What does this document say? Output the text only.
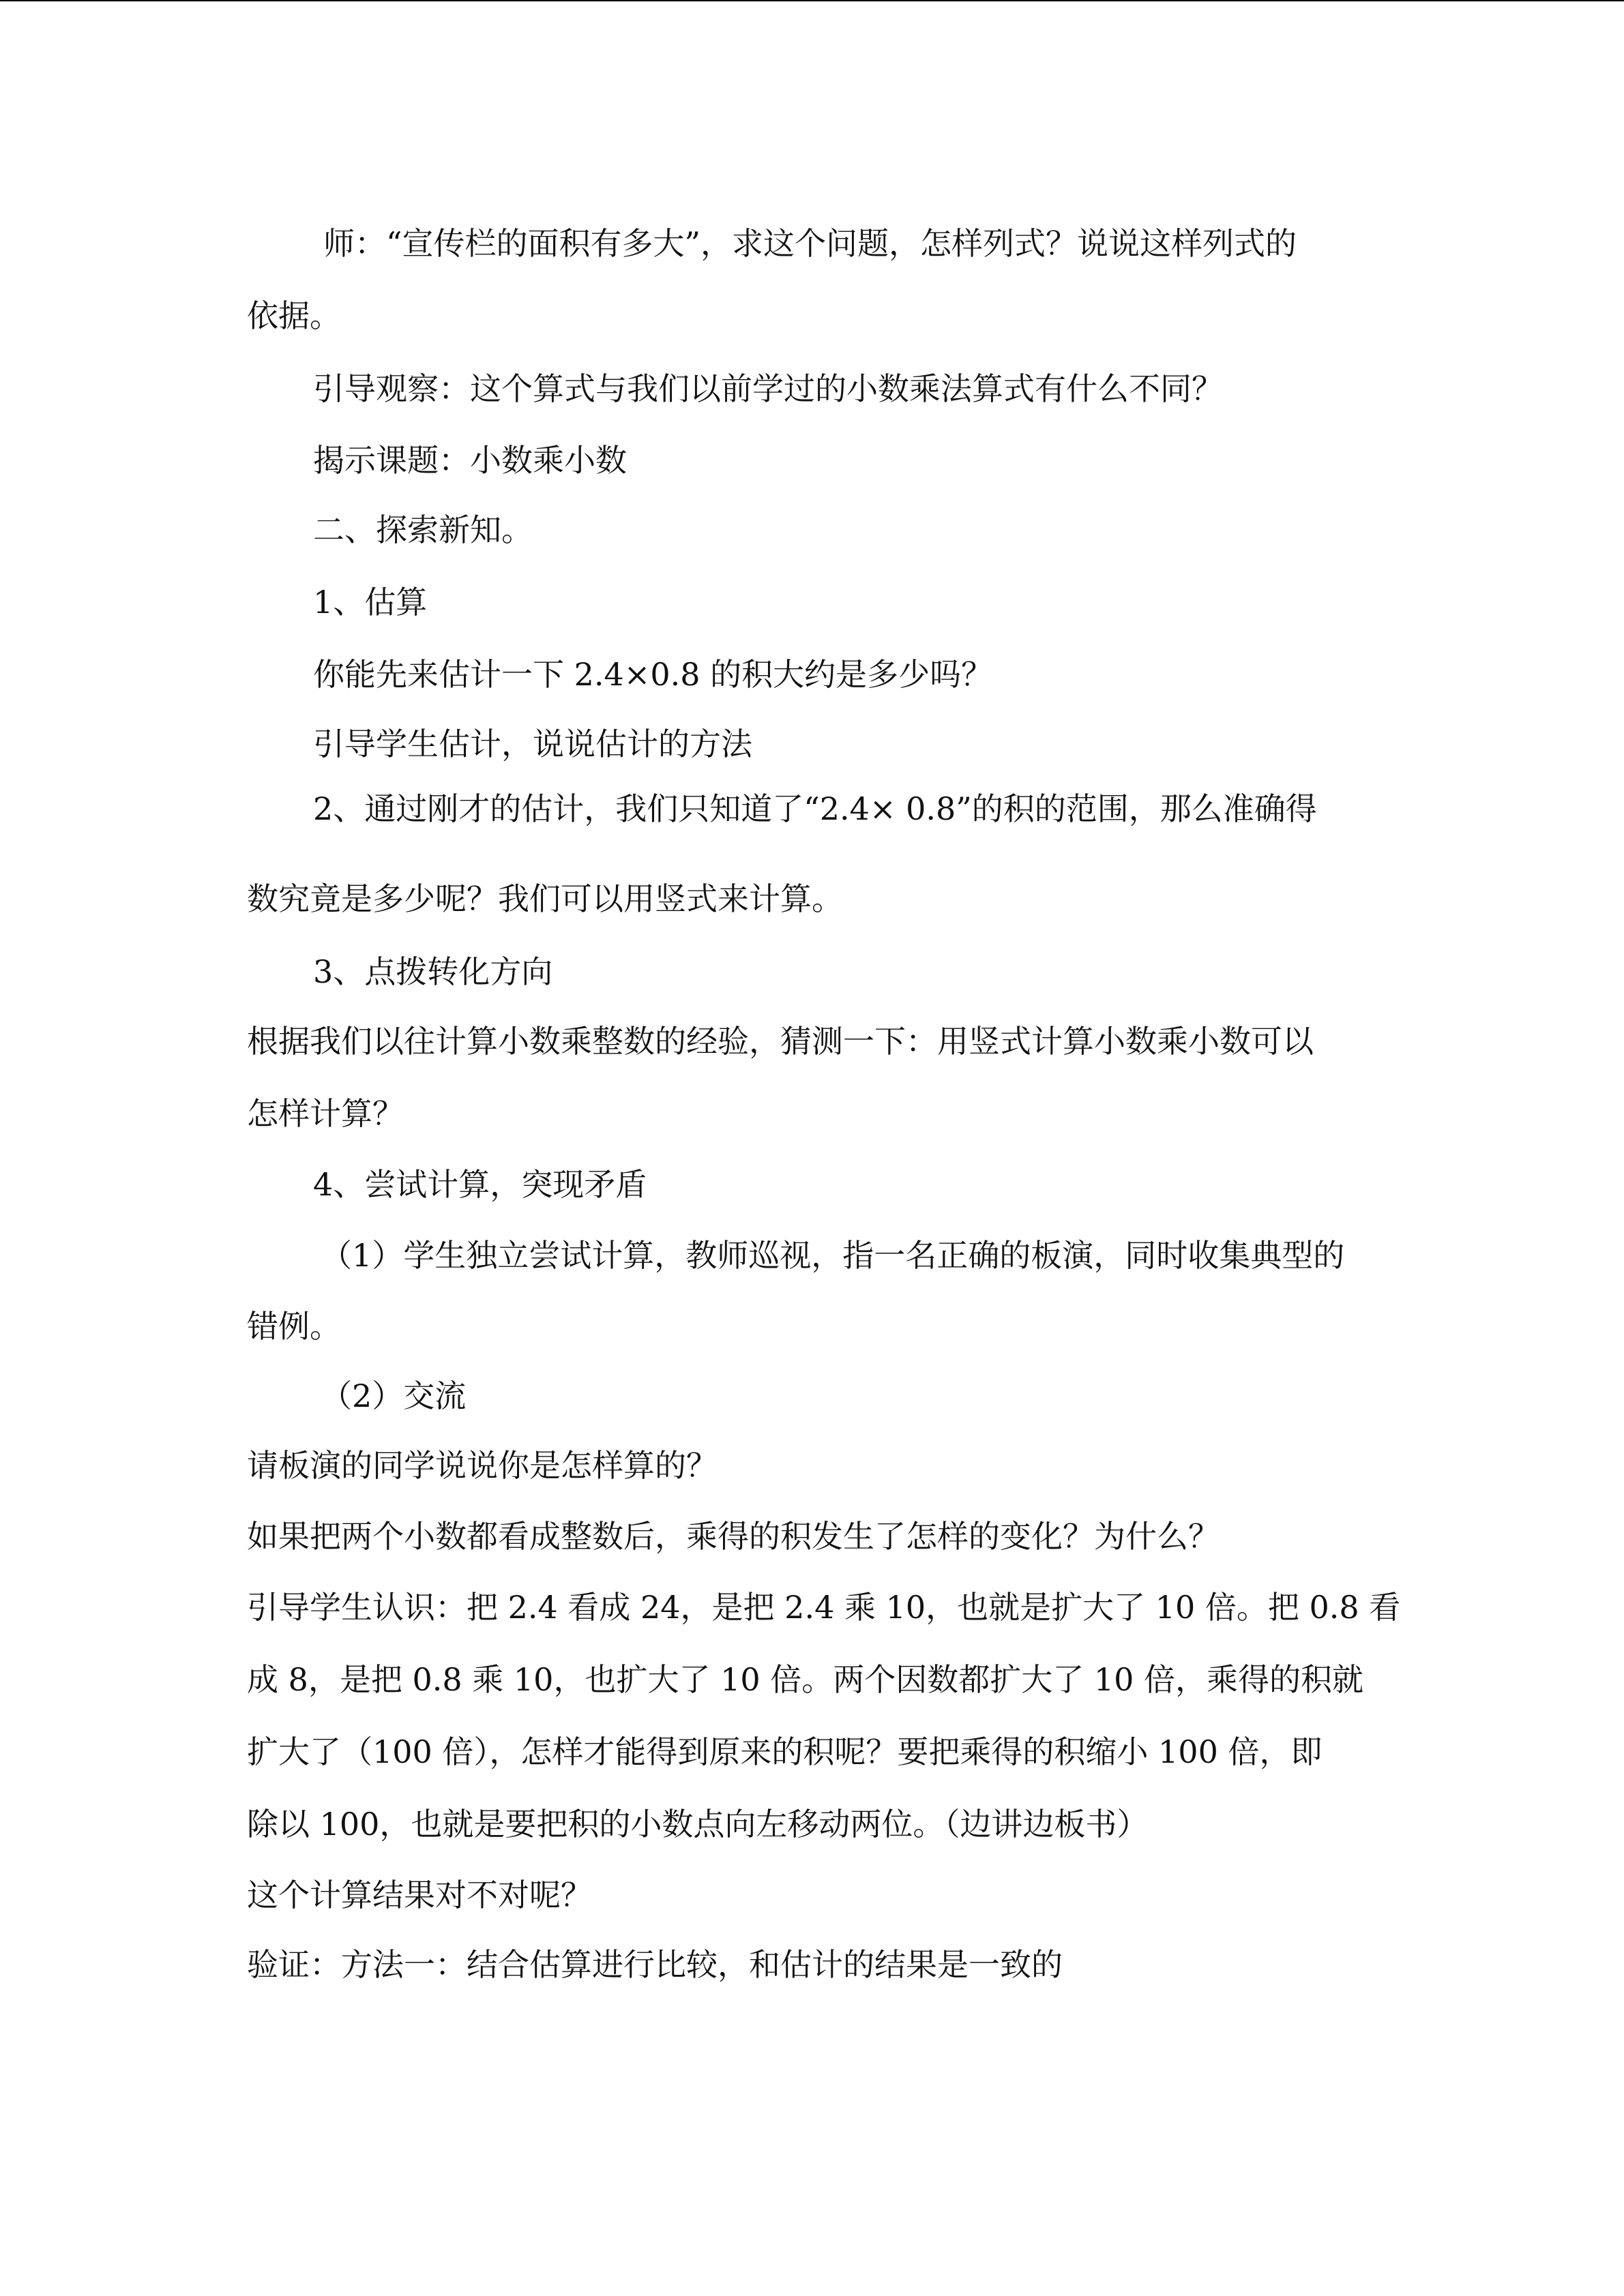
师：“宣传栏的面积有多大”，求这个问题，怎样列式？说说这样列式的
依据。
引导观察：这个算式与我们以前学过的小数乘法算式有什么不同？
揭示课题：小数乘小数
二、探索新知。
1、估算
你能先来估计一下 2.4×0.8 的积大约是多少吗？
引导学生估计，说说估计的方法
2、通过刚才的估计，我们只知道了“2.4× 0.8”的积的范围，那么准确得
数究竟是多少呢？我们可以用竖式来计算。
3、点拨转化方向
根据我们以往计算小数乘整数的经验，猜测一下：用竖式计算小数乘小数可以
怎样计算？
4、尝试计算，突现矛盾
（1）学生独立尝试计算，教师巡视，指一名正确的板演，同时收集典型的
错例。
（2）交流
请板演的同学说说你是怎样算的？
如果把两个小数都看成整数后，乘得的积发生了怎样的变化？为什么？
引导学生认识：把 2.4 看成 24，是把 2.4 乘 10，也就是扩大了 10 倍。把 0.8 看
成 8，是把 0.8 乘 10，也扩大了 10 倍。两个因数都扩大了 10 倍，乘得的积就
扩大了（100 倍），怎样才能得到原来的积呢？要把乘得的积缩小 100 倍，即
除以 100，也就是要把积的小数点向左移动两位。（边讲边板书）
这个计算结果对不对呢？
验证：方法一：结合估算进行比较，和估计的结果是一致的
